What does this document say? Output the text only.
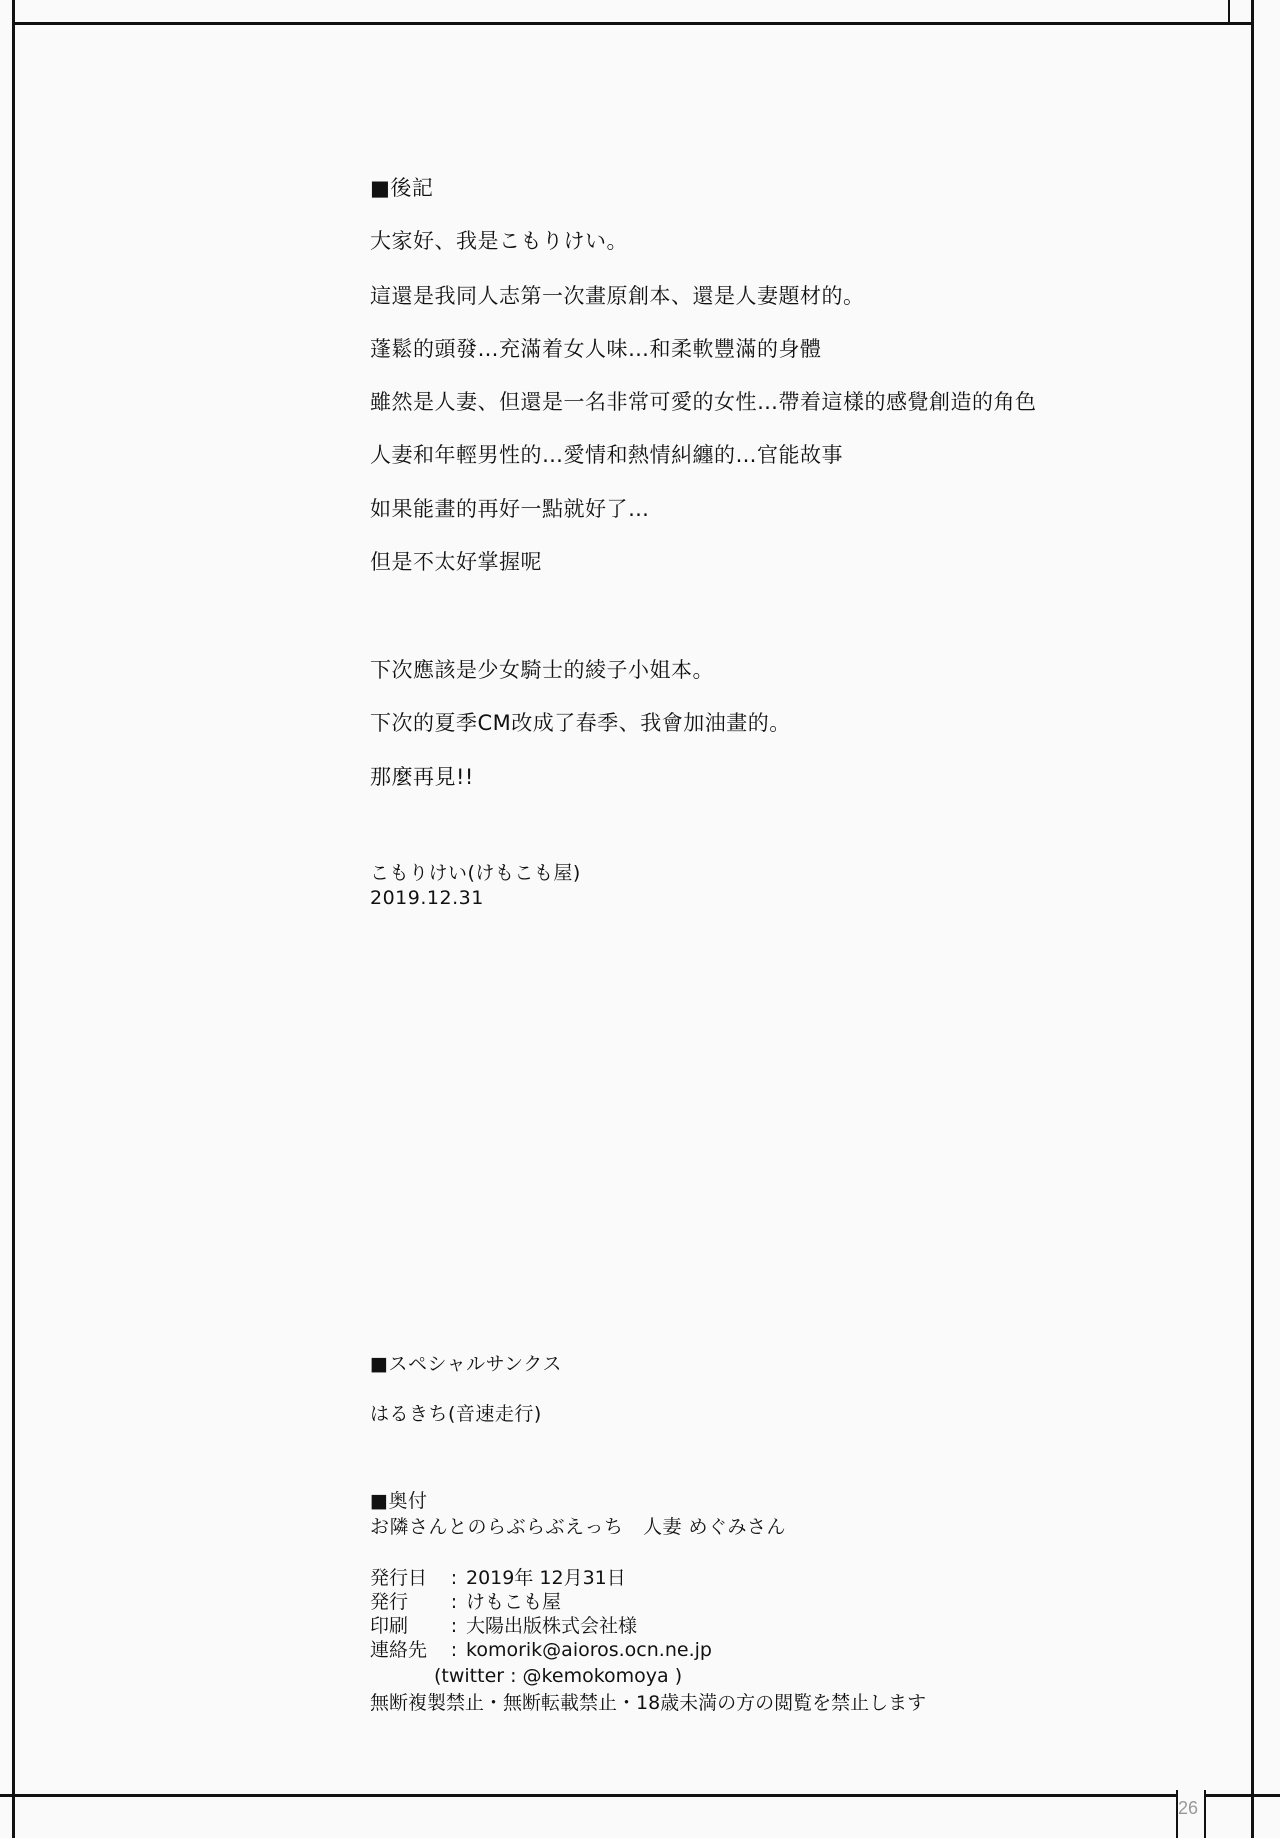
■後記
大家好、我是こもりけい。
這還是我同人志第一次畫原創本、還是人妻題材的。
蓬鬆的頭發…充滿着女人味…和柔軟豐滿的身體
雖然是人妻、但還是一名非常可愛的女性…帶着這樣的感覺創造的角色
人妻和年輕男性的…愛情和熱情糾纏的…官能故事
如果能畫的再好一點就好了…
但是不太好掌握呢
下次應該是少女騎士的綾子小姐本。
下次的夏季CM改成了春季、我會加油畫的。
那麼再見!!
こもりけい(けもこも屋)
2019.12.31
■スペシャルサンクス
はるきち(音速走行)
■奥付
お隣さんとのらぶらぶえっち　人妻 めぐみさん
発行日 : 2019年 12月31日
発行 : けもこも屋
印刷 : 大陽出版株式会社様
連絡先 : komorik@aioros.ocn.ne.jp
(twitter : @kemokomoya )
無断複製禁止・無断転載禁止・18歳未満の方の閲覧を禁止します
26
